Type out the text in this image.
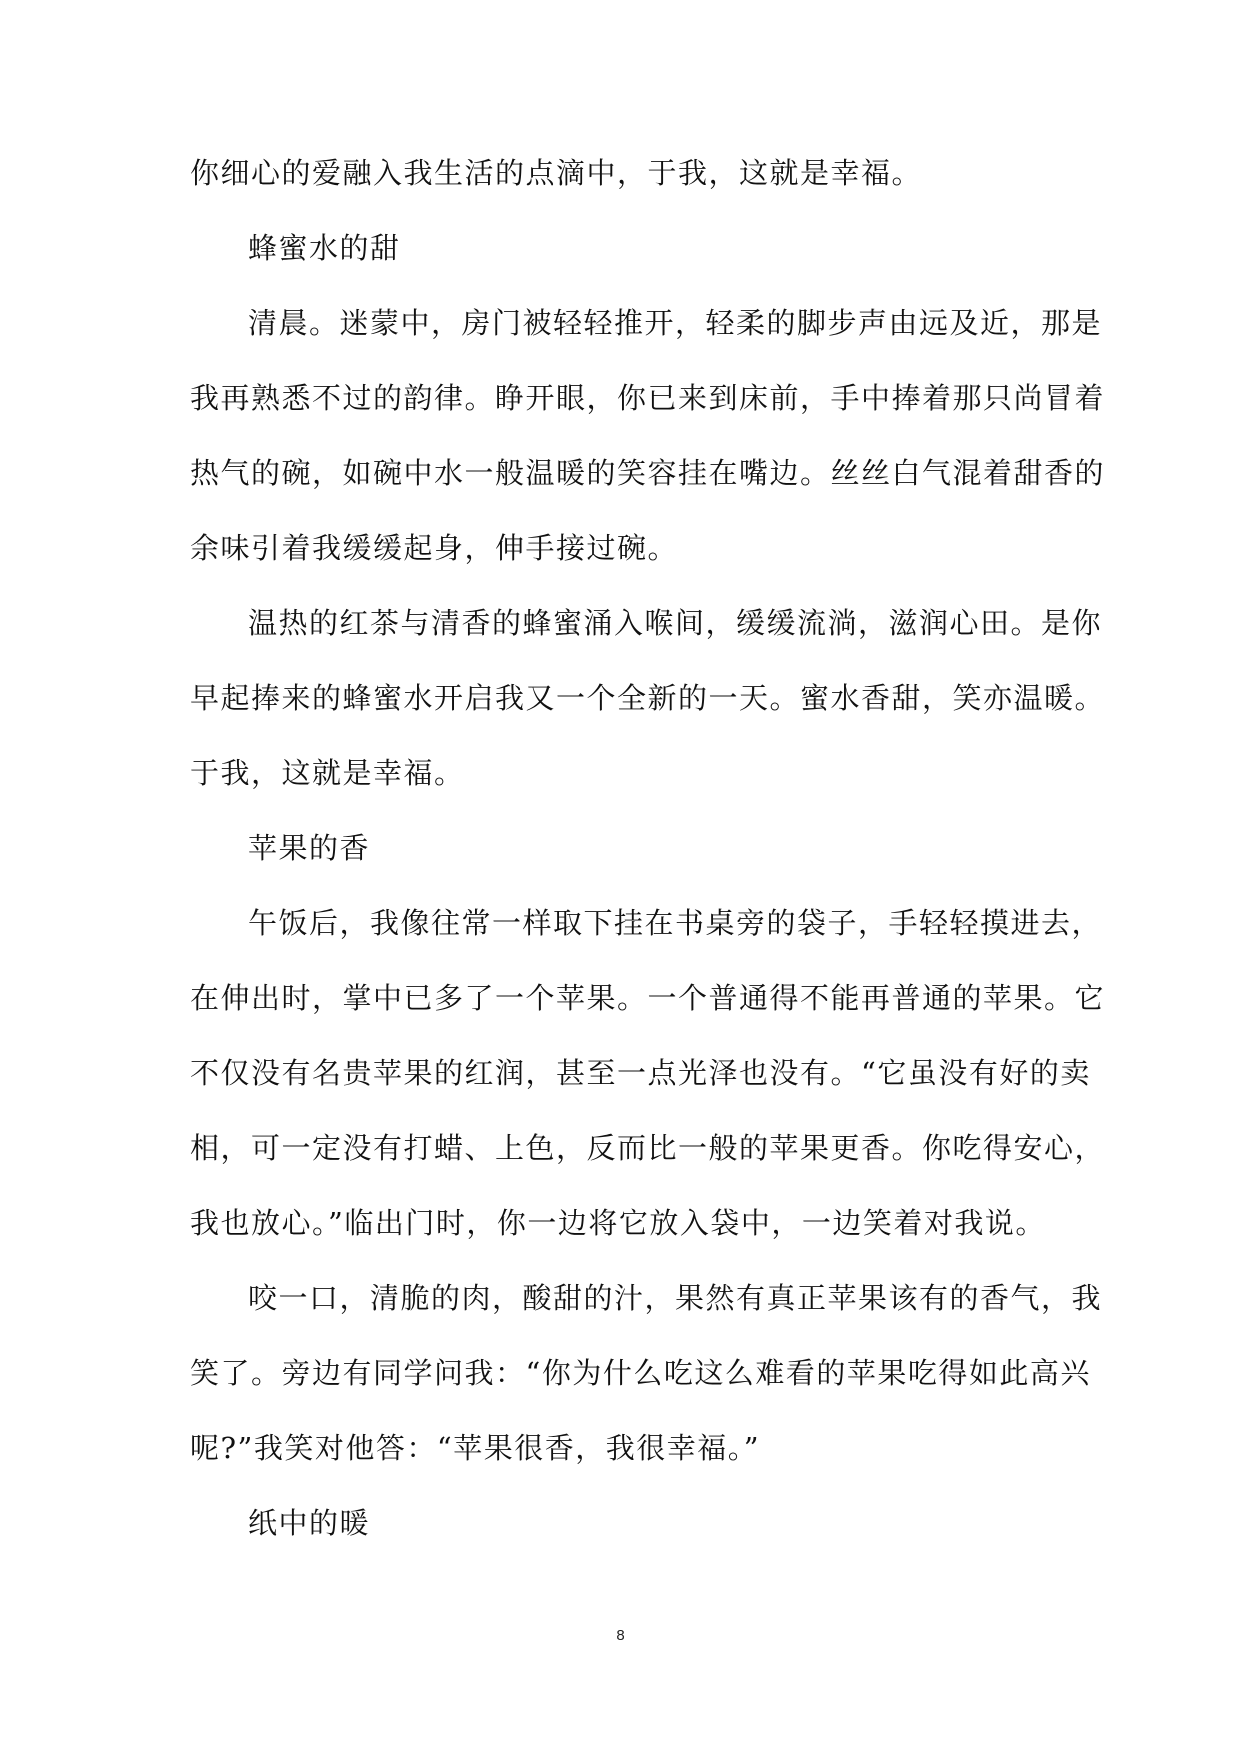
你细心的爱融入我生活的点滴中，于我，这就是幸福。
蜂蜜水的甜
清晨。迷蒙中，房门被轻轻推开，轻柔的脚步声由远及近，那是
我再熟悉不过的韵律。睁开眼，你已来到床前，手中捧着那只尚冒着
热气的碗，如碗中水一般温暖的笑容挂在嘴边。丝丝白气混着甜香的
余味引着我缓缓起身，伸手接过碗。
温热的红茶与清香的蜂蜜涌入喉间，缓缓流淌，滋润心田。是你
早起捧来的蜂蜜水开启我又一个全新的一天。蜜水香甜，笑亦温暖。
于我，这就是幸福。
苹果的香
午饭后，我像往常一样取下挂在书桌旁的袋子，手轻轻摸进去，
在伸出时，掌中已多了一个苹果。一个普通得不能再普通的苹果。它
不仅没有名贵苹果的红润，甚至一点光泽也没有。“它虽没有好的卖
相，可一定没有打蜡、上色，反而比一般的苹果更香。你吃得安心，
我也放心。”临出门时，你一边将它放入袋中，一边笑着对我说。
咬一口，清脆的肉，酸甜的汁，果然有真正苹果该有的香气，我
笑了。旁边有同学问我：“你为什么吃这么难看的苹果吃得如此高兴
呢?”我笑对他答：“苹果很香，我很幸福。”
纸中的暖
8
